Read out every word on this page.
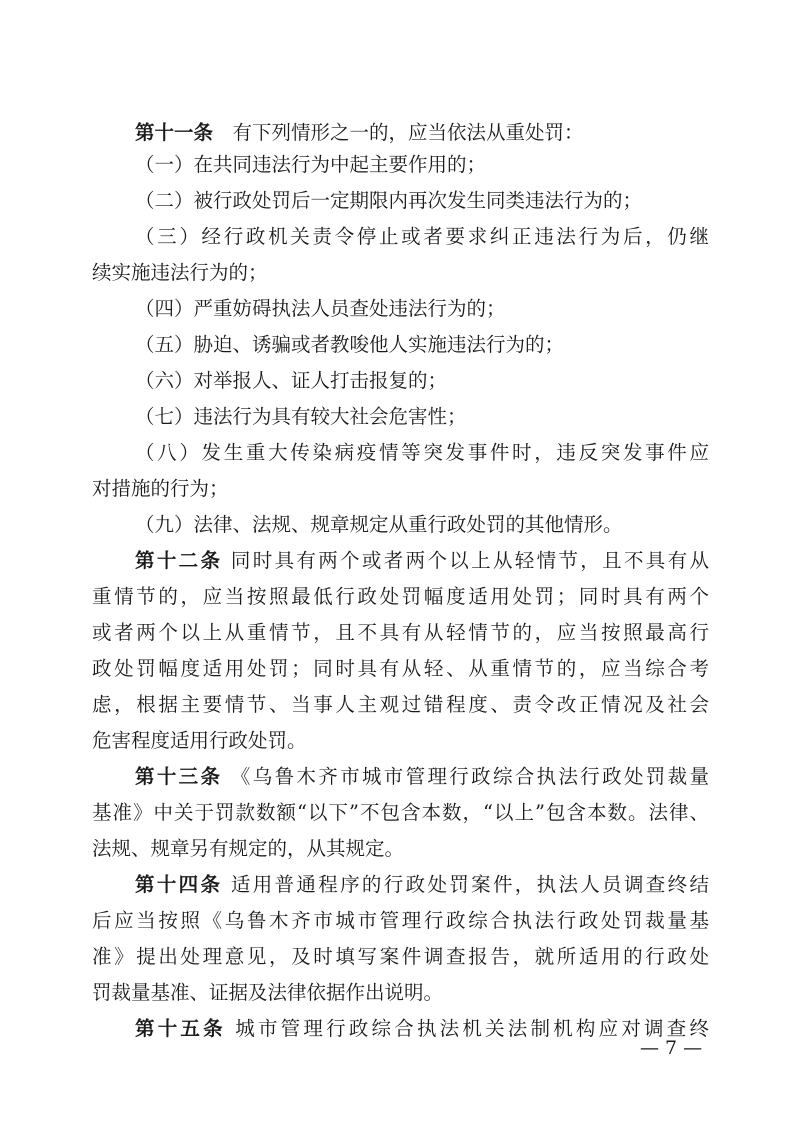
第十一条　有下列情形之一的，应当依法从重处罚：
（一）在共同违法行为中起主要作用的；
（二）被行政处罚后一定期限内再次发生同类违法行为的；
（三）经行政机关责令停止或者要求纠正违法行为后，仍继
续实施违法行为的；
（四）严重妨碍执法人员查处违法行为的；
（五）胁迫、诱骗或者教唆他人实施违法行为的；
（六）对举报人、证人打击报复的；
（七）违法行为具有较大社会危害性；
（八）发生重大传染病疫情等突发事件时，违反突发事件应
对措施的行为；
（九）法律、法规、规章规定从重行政处罚的其他情形。
第十二条 同时具有两个或者两个以上从轻情节，且不具有从
重情节的，应当按照最低行政处罚幅度适用处罚；同时具有两个
或者两个以上从重情节，且不具有从轻情节的，应当按照最高行
政处罚幅度适用处罚；同时具有从轻、从重情节的，应当综合考
虑，根据主要情节、当事人主观过错程度、责令改正情况及社会
危害程度适用行政处罚。
第十三条 《乌鲁木齐市城市管理行政综合执法行政处罚裁量
基准》中关于罚款数额“以下”不包含本数，“以上”包含本数。法律、
法规、规章另有规定的，从其规定。
第十四条 适用普通程序的行政处罚案件，执法人员调查终结
后应当按照《乌鲁木齐市城市管理行政综合执法行政处罚裁量基
准》提出处理意见，及时填写案件调查报告，就所适用的行政处
罚裁量基准、证据及法律依据作出说明。
第十五条 城市管理行政综合执法机关法制机构应对调查终
— 7 —
